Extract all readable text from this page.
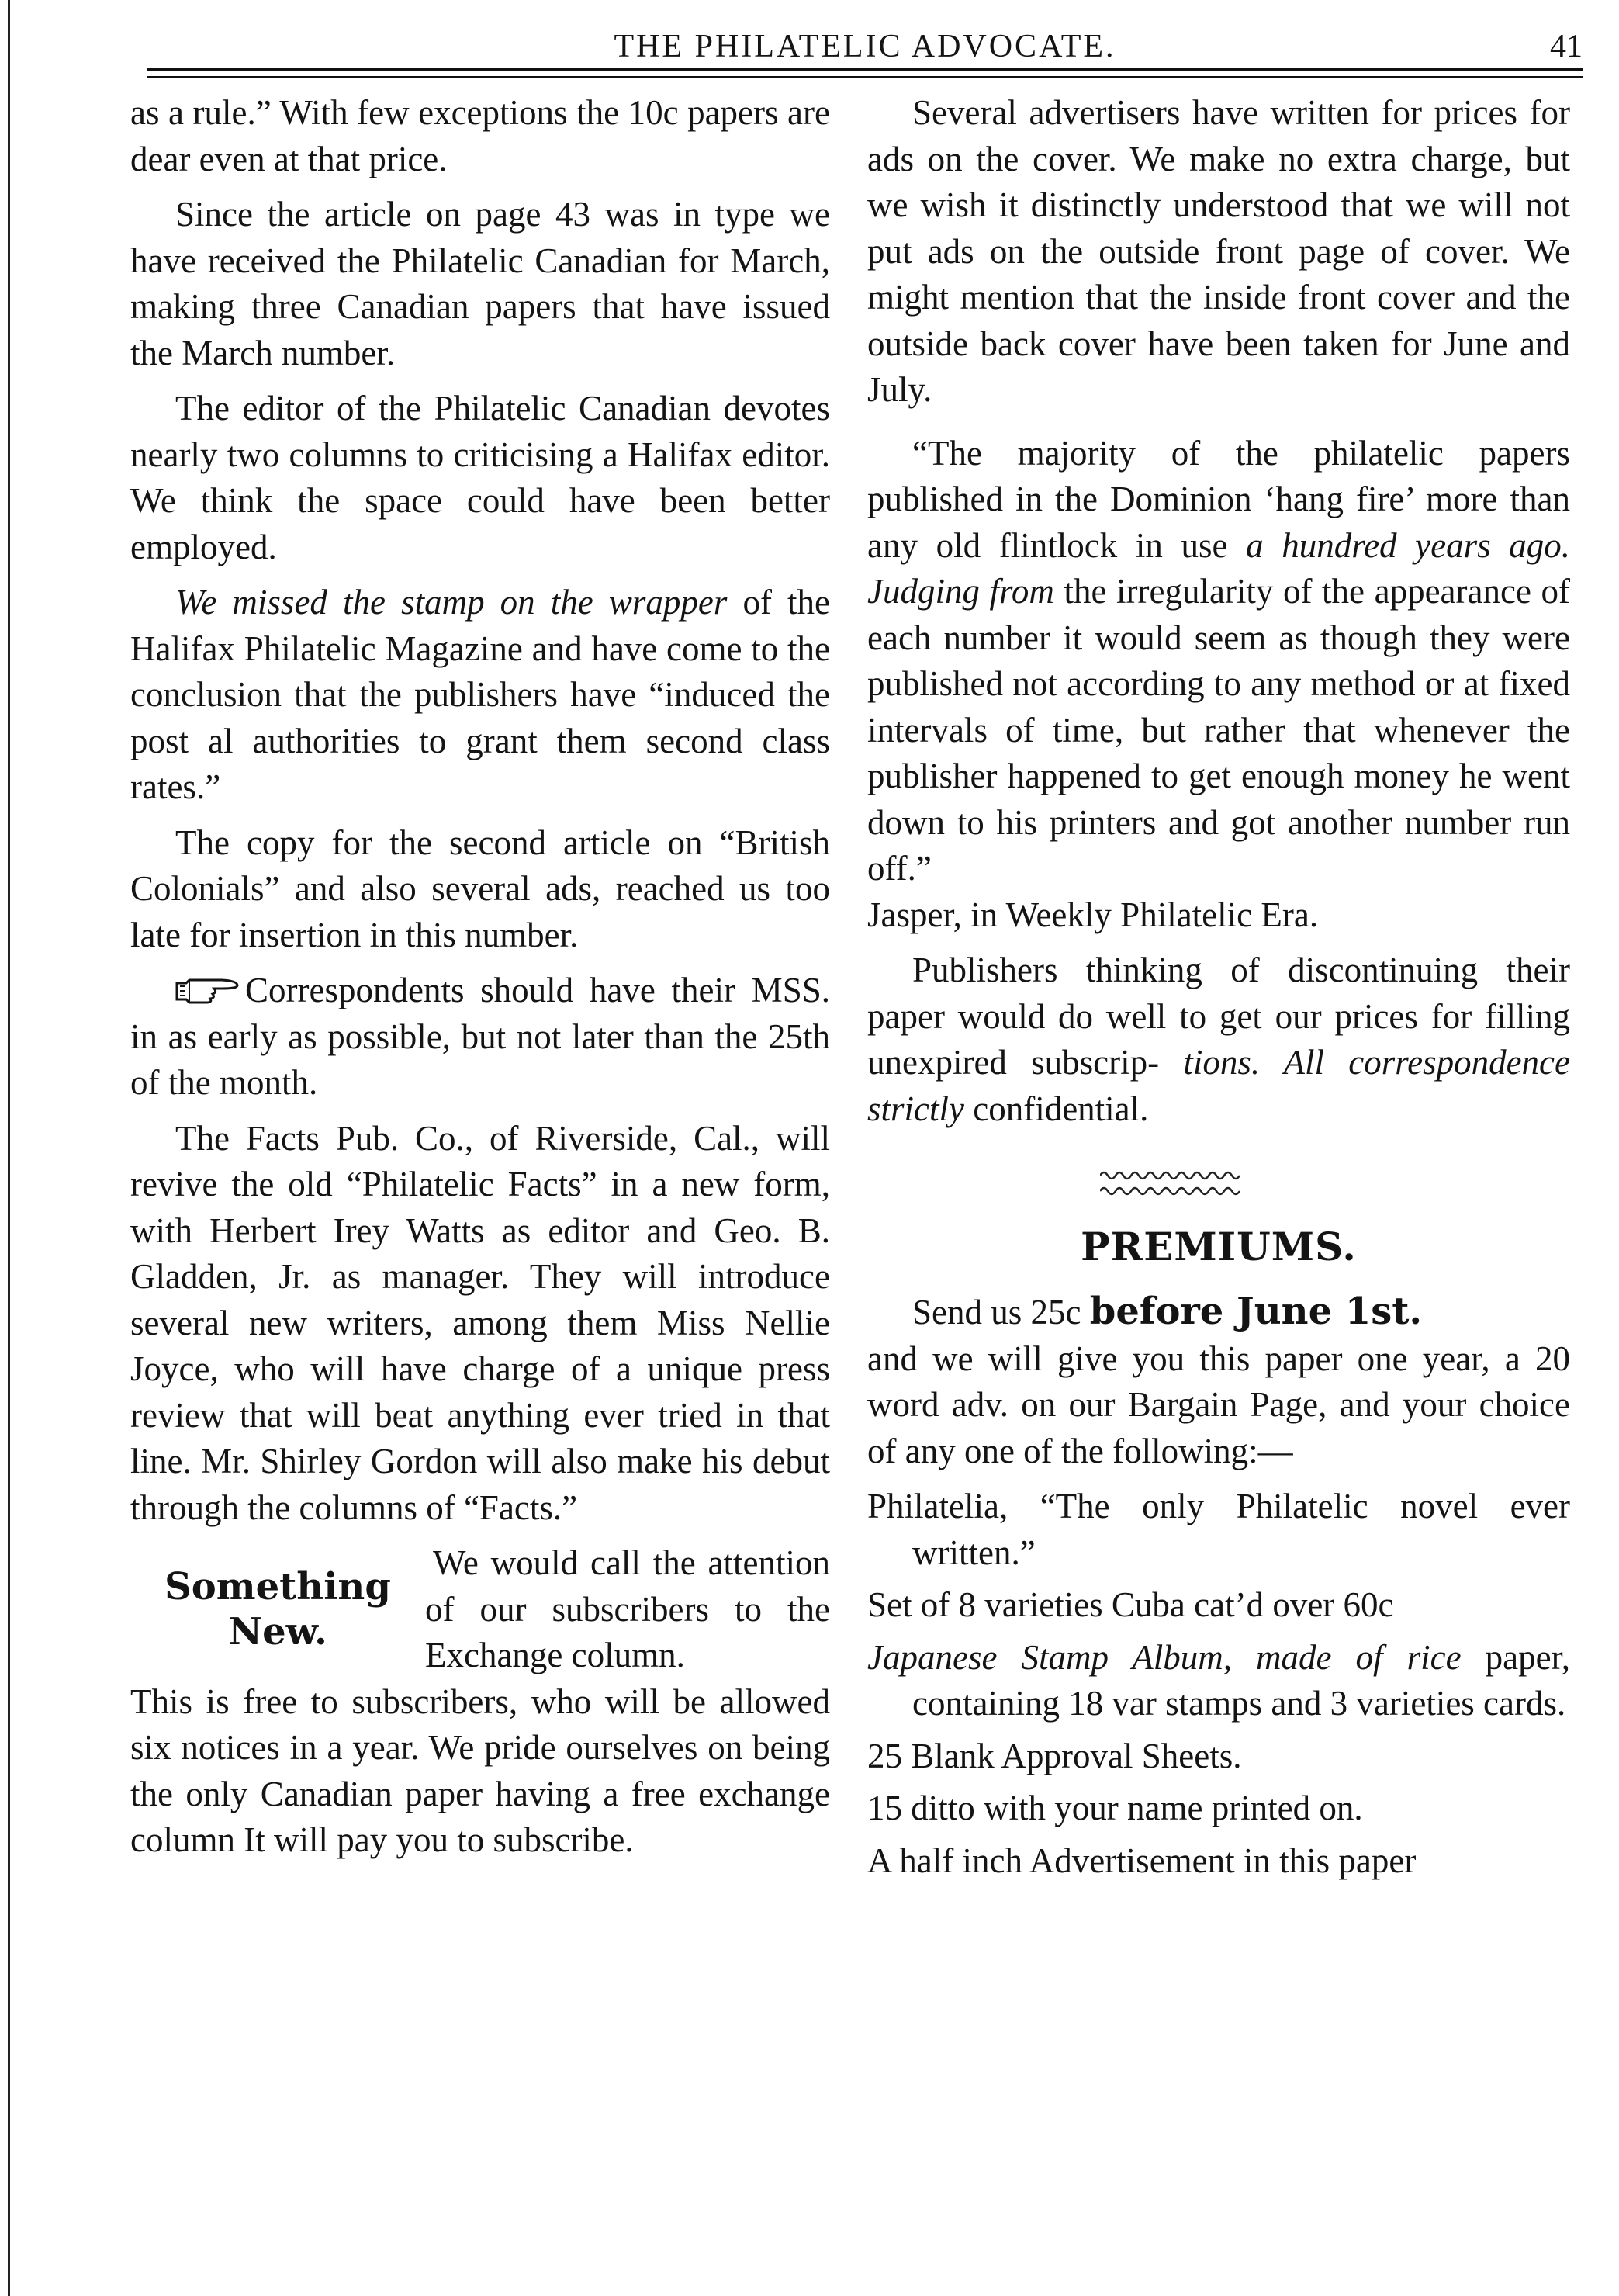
THE PHILATELIC ADVOCATE.	41

as a rule.” With few exceptions the 10c papers are dear even at that price.

Since the article on page 43 was in type we have received the Philatelic Canadian for March, making three Canadian papers that have issued the March number.

The editor of the Philatelic Canadian devotes nearly two columns to criticising a Halifax editor. We think the space could have been better employed.

We missed the stamp on the wrapper of the Halifax Philatelic Magazine and have come to the conclusion that the publishers have “induced the post al authorities to grant them second class rates.”

The copy for the second article on “British Colonials” and also several ads, reached us too late for insertion in this number.

Correspondents should have their MSS. in as early as possible, but not later than the 25th of the month.

The Facts Pub. Co., of Riverside, Cal., will revive the old “Philatelic Facts” in a new form, with Herbert Irey Watts as editor and Geo. B. Gladden, Jr. as manager. They will introduce several new writers, among them Miss Nellie Joyce, who will have charge of a unique press review that will beat anything ever tried in that line. Mr. Shirley Gordon will also make his debut through the columns of “Facts.”

Something
New.

We would call the attention of our subscribers to the Exchange column.

This is free to subscribers, who will be allowed six notices in a year. We pride ourselves on being the only Canadian paper having a free exchange column It will pay you to subscribe.

Several advertisers have written for prices for ads on the cover. We make no extra charge, but we wish it distinctly understood that we will not put ads on the outside front page of cover. We might mention that the inside front cover and the outside back cover have been taken for June and July.

“The majority of the philatelic papers published in the Dominion ‘hang fire’ more than any old flintlock in use a hundred years ago. Judging from the irregularity of the appearance of each number it would seem as though they were published not according to any method or at fixed intervals of time, but rather that whenever the publisher happened to get enough money he went down to his printers and got another number run off.”
Jasper, in Weekly Philatelic Era.

Publishers thinking of discontinuing their paper would do well to get our prices for filling unexpired subscrip- tions. All correspondence strictly confidential.

PREMIUMS.

Send us 25c before June 1st.
and we will give you this paper one year, a 20 word adv. on our Bargain Page, and your choice of any one of the following:—

Philatelia, “The only Philatelic novel ever written.”

Set of 8 varieties Cuba cat’d over 60c

Japanese Stamp Album, made of rice paper, containing 18 var stamps and 3 varieties cards.

25 Blank Approval Sheets.

15 ditto with your name printed on.

A half inch Advertisement in this paper
